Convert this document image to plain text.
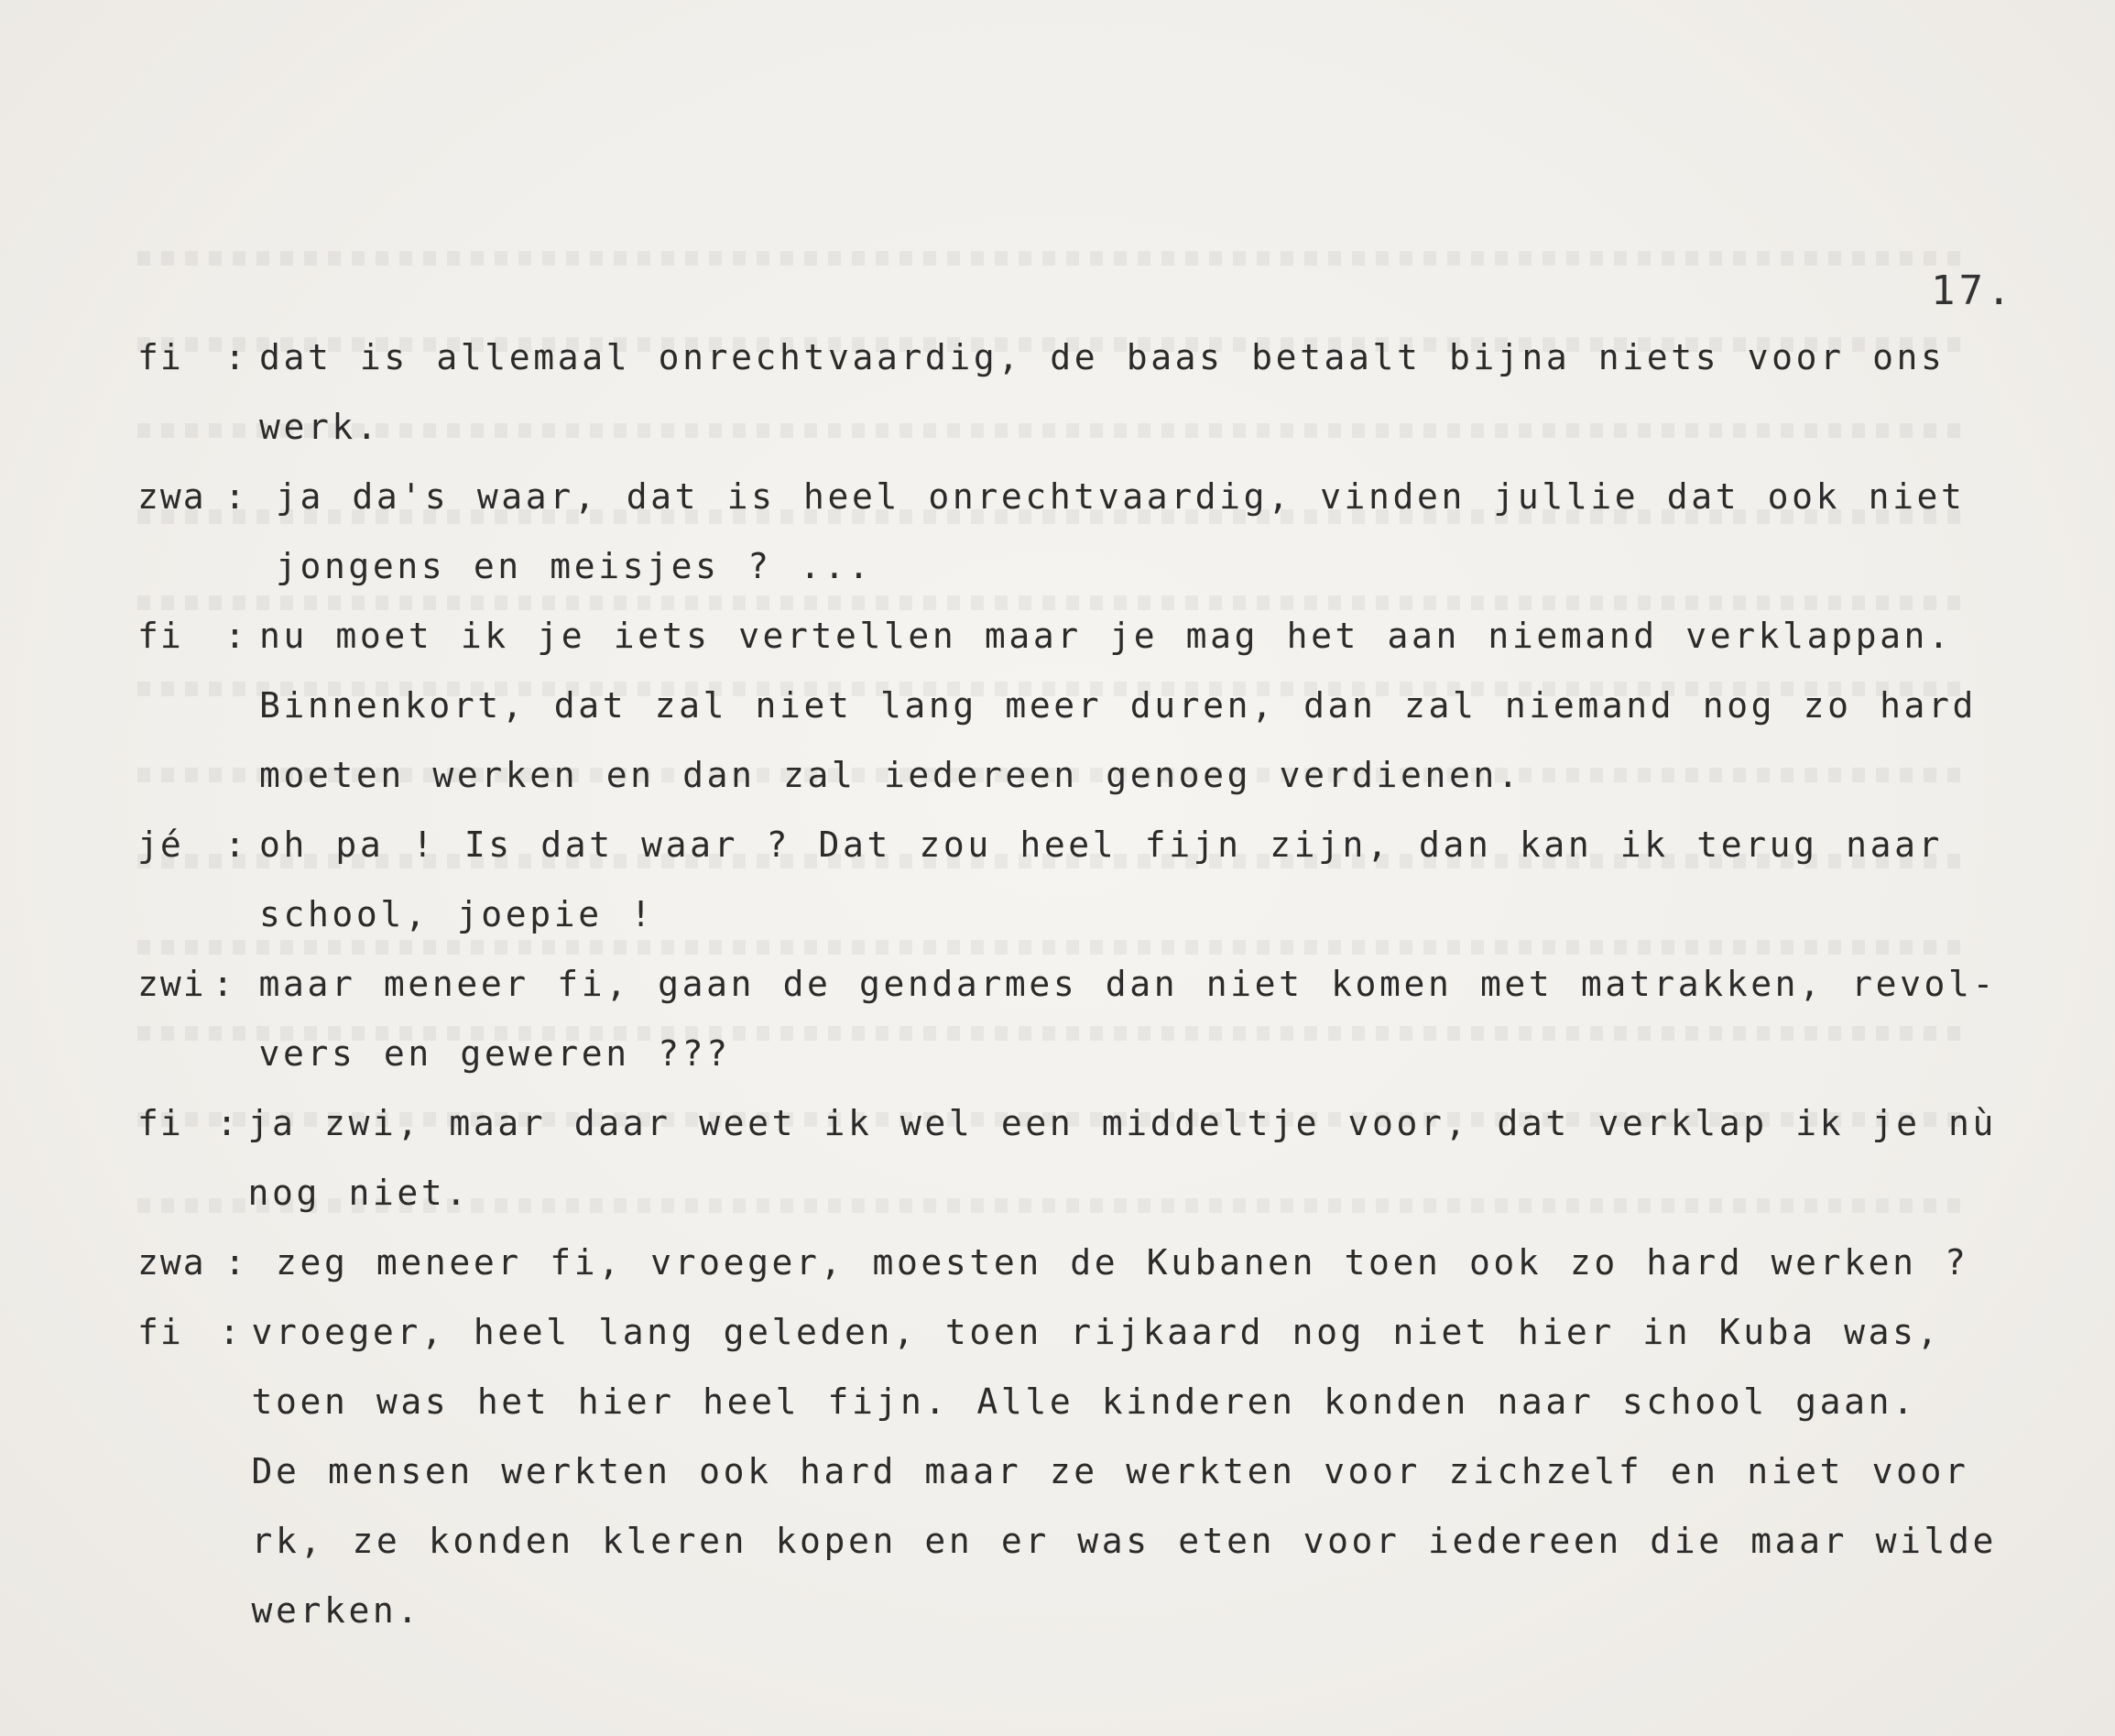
17.
fi	: dat is allemaal onrechtvaardig, de baas betaalt bijna niets voor ons
werk.
zwa : ja da's waar, dat is heel onrechtvaardig, vinden jullie dat ook niet
jongens en meisjes ? ...
fi	: nu moet ik je iets vertellen maar je mag het aan niemand verklappan.
Binnenkort, dat zal niet lang meer duren, dan zal niemand nog zo hard
moeten werken en dan zal iedereen genoeg verdienen.
jé	: oh pa ! Is dat waar ? Dat zou heel fijn zijn, dan kan ik terug naar
school, joepie !
zwi : maar meneer fi, gaan de gendarmes dan niet komen met matrakken, revol-
vers en geweren ???
fi : ja zwi, maar daar weet ik wel een middeltje voor, dat verklap ik je nù
nog niet.
zwa : zeg meneer fi, vroeger, moesten de Kubanen toen ook zo hard werken ?
fi	: vroeger, heel lang geleden, toen rijkaard nog niet hier in Kuba was,
toen was het hier heel fijn. Alle kinderen konden naar school gaan.
De mensen werkten ook hard maar ze werkten voor zichzelf en niet voor
rk, ze konden kleren kopen en er was eten voor iedereen die maar wilde
werken.
